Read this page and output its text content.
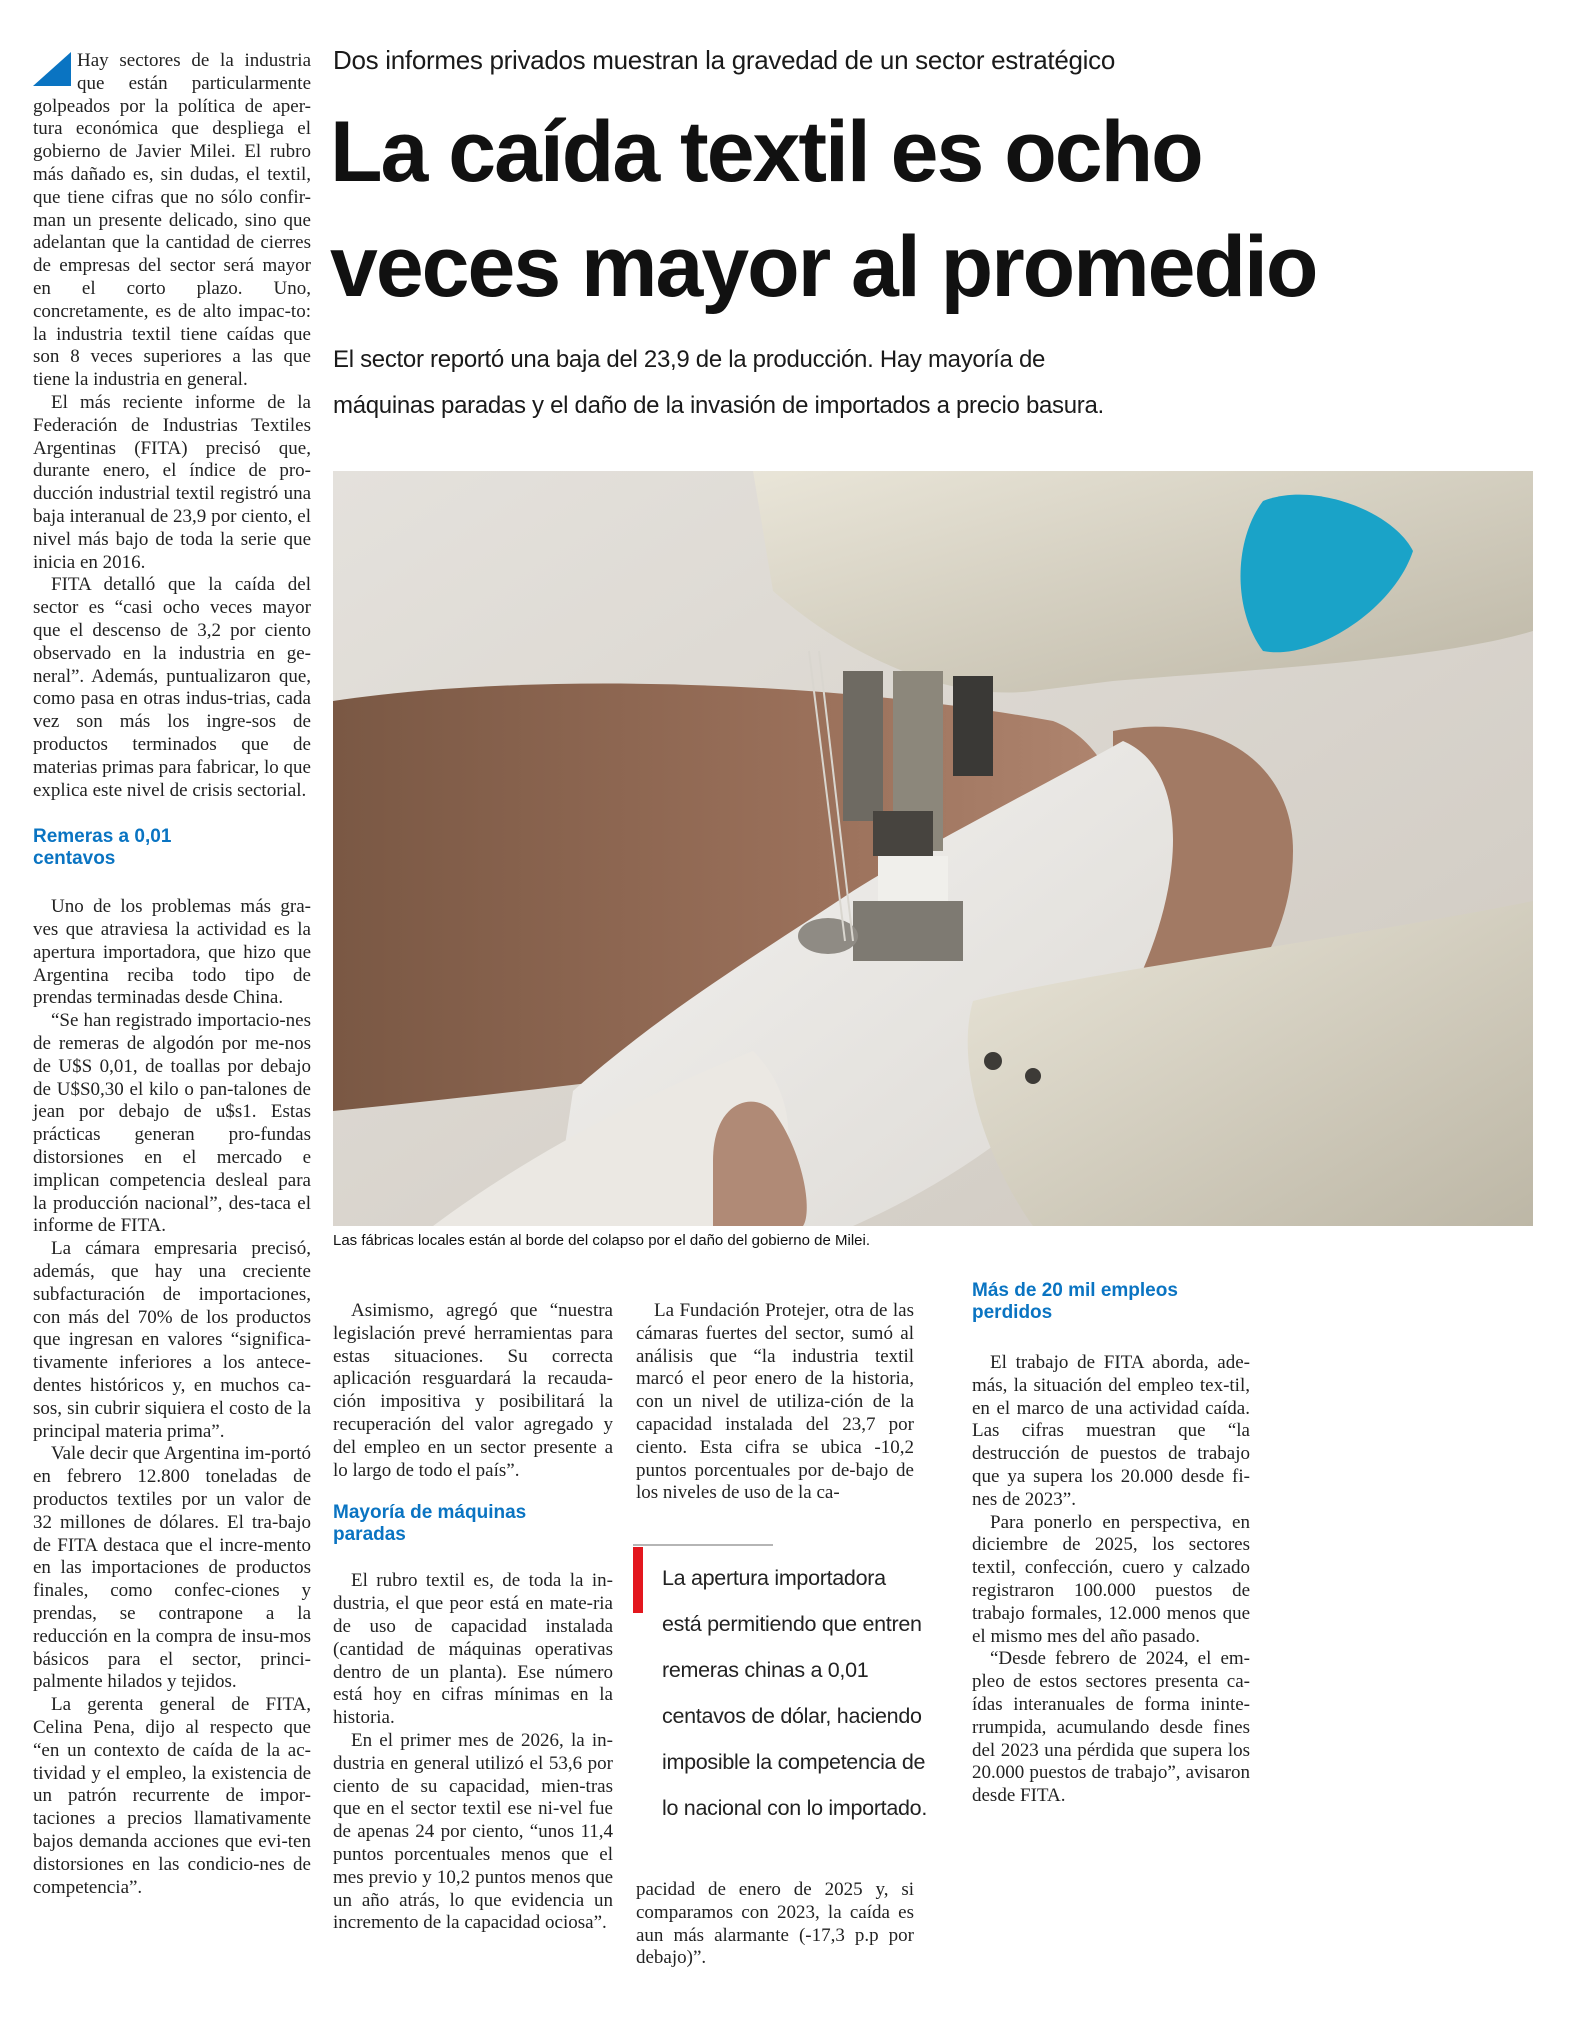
Dos informes privados muestran la gravedad de un sector estratégico
La caída textil es ocho
veces mayor al promedio
El sector reportó una baja del 23,9 de la producción. Hay mayoría de
máquinas paradas y el daño de la invasión de importados a precio basura.

Hay sectores de la industria que están particularmente golpeados por la política de aper-tura económica que despliega el gobierno de Javier Milei. El rubro más dañado es, sin dudas, el textil, que tiene cifras que no sólo confir-man un presente delicado, sino que adelantan que la cantidad de cierres de empresas del sector será mayor en el corto plazo. Uno, concretamente, es de alto impac-to: la industria textil tiene caídas que son 8 veces superiores a las que tiene la industria en general.

El más reciente informe de la Federación de Industrias Textiles Argentinas (FITA) precisó que, durante enero, el índice de pro-ducción industrial textil registró una baja interanual de 23,9 por ciento, el nivel más bajo de toda la serie que inicia en 2016.

FITA detalló que la caída del sector es “casi ocho veces mayor que el descenso de 3,2 por ciento observado en la industria en ge-neral”. Además, puntualizaron que, como pasa en otras indus-trias, cada vez son más los ingre-sos de productos terminados que de materias primas para fabricar, lo que explica este nivel de crisis sectorial.

Remeras a 0,01 centavos

Uno de los problemas más gra-ves que atraviesa la actividad es la apertura importadora, que hizo que Argentina reciba todo tipo de prendas terminadas desde China.

“Se han registrado importacio-nes de remeras de algodón por me-nos de U$S 0,01, de toallas por debajo de U$S0,30 el kilo o pan-talones de jean por debajo de u$s1. Estas prácticas generan pro-fundas distorsiones en el mercado e implican competencia desleal para la producción nacional”, des-taca el informe de FITA.

La cámara empresaria precisó, además, que hay una creciente subfacturación de importaciones, con más del 70% de los productos que ingresan en valores “significa-tivamente inferiores a los antece-dentes históricos y, en muchos ca-sos, sin cubrir siquiera el costo de la principal materia prima”.

Vale decir que Argentina im-portó en febrero 12.800 toneladas de productos textiles por un valor de 32 millones de dólares. El tra-bajo de FITA destaca que el incre-mento en las importaciones de productos finales, como confec-ciones y prendas, se contrapone a la reducción en la compra de insu-mos básicos para el sector, princi-palmente hilados y tejidos.

La gerenta general de FITA, Celina Pena, dijo al respecto que “en un contexto de caída de la ac-tividad y el empleo, la existencia de un patrón recurrente de impor-taciones a precios llamativamente bajos demanda acciones que evi-ten distorsiones en las condicio-nes de competencia”.

Las fábricas locales están al borde del colapso por el daño del gobierno de Milei.

Asimismo, agregó que “nuestra legislación prevé herramientas para estas situaciones. Su correcta aplicación resguardará la recauda-ción impositiva y posibilitará la recuperación del valor agregado y del empleo en un sector presente a lo largo de todo el país”.

Mayoría de máquinas paradas

El rubro textil es, de toda la in-dustria, el que peor está en mate-ria de uso de capacidad instalada (cantidad de máquinas operativas dentro de un planta). Ese número está hoy en cifras mínimas en la historia.

En el primer mes de 2026, la in-dustria en general utilizó el 53,6 por ciento de su capacidad, mien-tras que en el sector textil ese ni-vel fue de apenas 24 por ciento, “unos 11,4 puntos porcentuales menos que el mes previo y 10,2 puntos menos que un año atrás, lo que evidencia un incremento de la capacidad ociosa”.

La Fundación Protejer, otra de las cámaras fuertes del sector, sumó al análisis que “la industria textil marcó el peor enero de la historia, con un nivel de utiliza-ción de la capacidad instalada del 23,7 por ciento. Esta cifra se ubica -10,2 puntos porcentuales por de-bajo de los niveles de uso de la ca-

La apertura importadora
está permitiendo que entren
remeras chinas a 0,01
centavos de dólar, haciendo
imposible la competencia de
lo nacional con lo importado.

pacidad de enero de 2025 y, si comparamos con 2023, la caída es aun más alarmante (-17,3 p.p por debajo)”.

Más de 20 mil empleos perdidos

El trabajo de FITA aborda, ade-más, la situación del empleo tex-til, en el marco de una actividad caída. Las cifras muestran que “la destrucción de puestos de trabajo que ya supera los 20.000 desde fi-nes de 2023”.

Para ponerlo en perspectiva, en diciembre de 2025, los sectores textil, confección, cuero y calzado registraron 100.000 puestos de trabajo formales, 12.000 menos que el mismo mes del año pasado.

“Desde febrero de 2024, el em-pleo de estos sectores presenta ca-ídas interanuales de forma ininte-rrumpida, acumulando desde fines del 2023 una pérdida que supera los 20.000 puestos de trabajo”, avisaron desde FITA.
